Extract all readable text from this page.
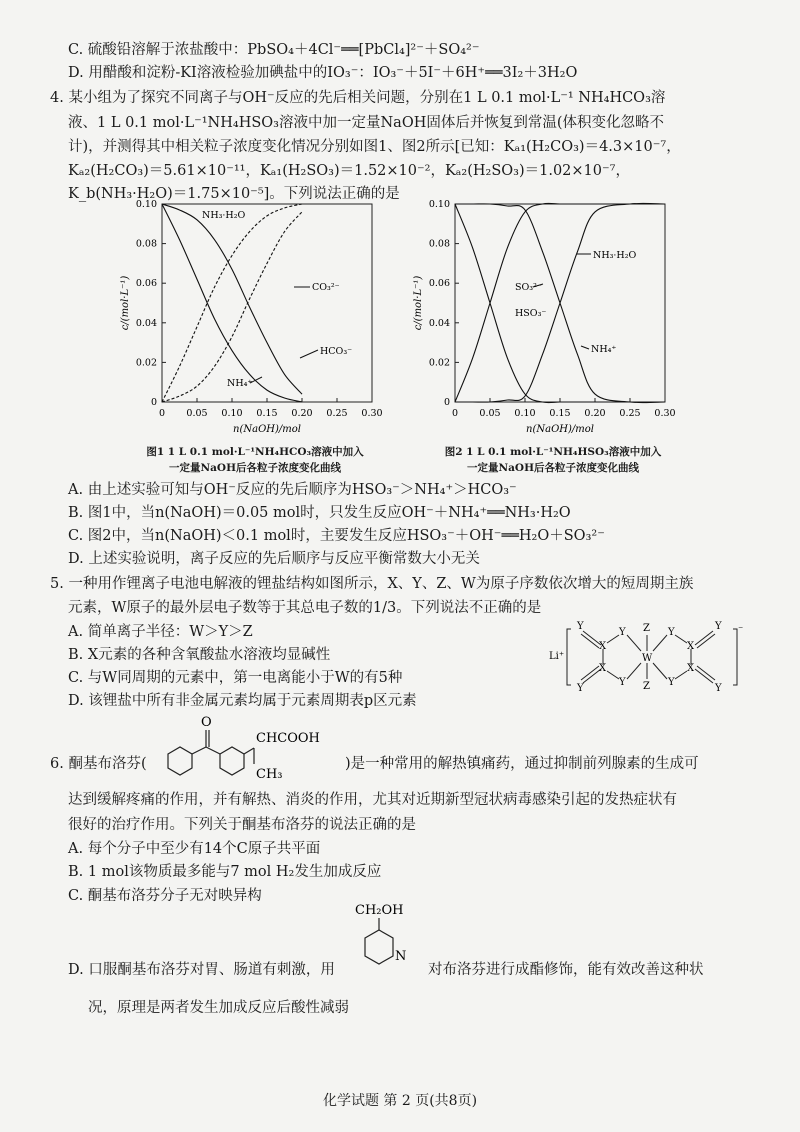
C. 硫酸铅溶解于浓盐酸中：PbSO₄＋4Cl⁻══[PbCl₄]²⁻＋SO₄²⁻
D. 用醋酸和淀粉-KI溶液检验加碘盐中的IO₃⁻：IO₃⁻＋5I⁻＋6H⁺══3I₂＋3H₂O
4. 某小组为了探究不同离子与OH⁻反应的先后相关问题，分别在1 L 0.1 mol·L⁻¹ NH₄HCO₃溶
液、1 L 0.1 mol·L⁻¹NH₄HSO₃溶液中加一定量NaOH固体后并恢复到常温(体积变化忽略不
计)，并测得其中相关粒子浓度变化情况分别如图1、图2所示[已知：Kₐ₁(H₂CO₃)＝4.3×10⁻⁷，
Kₐ₂(H₂CO₃)＝5.61×10⁻¹¹，Kₐ₁(H₂SO₃)＝1.52×10⁻²，Kₐ₂(H₂SO₃)＝1.02×10⁻⁷，
K_b(NH₃·H₂O)＝1.75×10⁻⁵]。下列说法正确的是
0
0.02
0.04
0.06
0.08
0.10
0 0.05 0.10 0.15 0.20 0.25 0.30
n(NaOH)/mol
c/(mol·L⁻¹)
NH₃·H₂O
CO₃²⁻
HCO₃⁻
NH₄⁺
0
0.02
0.04
0.06
0.08
0.10
0 0.05 0.10 0.15 0.20 0.25 0.30
n(NaOH)/mol
c/(mol·L⁻¹)	SO₃²⁻
HSO₃⁻
NH₃·H₂O
NH₄⁺
图1 1 L 0.1 mol·L⁻¹NH₄HCO₃溶液中加入
一定量NaOH后各粒子浓度变化曲线
图2 1 L 0.1 mol·L⁻¹NH₄HSO₃溶液中加入
一定量NaOH后各粒子浓度变化曲线
A. 由上述实验可知与OH⁻反应的先后顺序为HSO₃⁻＞NH₄⁺＞HCO₃⁻
B. 图1中，当n(NaOH)＝0.05 mol时，只发生反应OH⁻＋NH₄⁺══NH₃·H₂O
C. 图2中，当n(NaOH)＜0.1 mol时，主要发生反应HSO₃⁻＋OH⁻══H₂O＋SO₃²⁻
D. 上述实验说明，离子反应的先后顺序与反应平衡常数大小无关
5. 一种用作锂离子电池电解液的锂盐结构如图所示，X、Y、Z、W为原子序数依次增大的短周期主族
元素，W原子的最外层电子数等于其总电子数的1/3。下列说法不正确的是
A. 简单离子半径：W＞Y＞Z
B. X元素的各种含氧酸盐水溶液均显碱性
C. 与W同周期的元素中，第一电离能小于W的有5种
D. 该锂盐中所有非金属元素均属于元素周期表p区元素
Li⁺
⁻
Y
X
Y Z
W
Z
X
Y
Y
Y
Y
X
X
Y
Y
6. 酮基布洛芬(
O
CHCOOH
CH₃
)是一种常用的解热镇痛药，通过抑制前列腺素的生成可
达到缓解疼痛的作用，并有解热、消炎的作用，尤其对近期新型冠状病毒感染引起的发热症状有
很好的治疗作用。下列关于酮基布洛芬的说法正确的是
A. 每个分子中至少有14个C原子共平面
B. 1 mol该物质最多能与7 mol H₂发生加成反应
C. 酮基布洛芬分子无对映异构
CH₂OH
N
D. 口服酮基布洛芬对胃、肠道有刺激，用	对布洛芬进行成酯修饰，能有效改善这种状
况，原理是两者发生加成反应后酸性减弱
化学试题 第 2 页(共8页)
